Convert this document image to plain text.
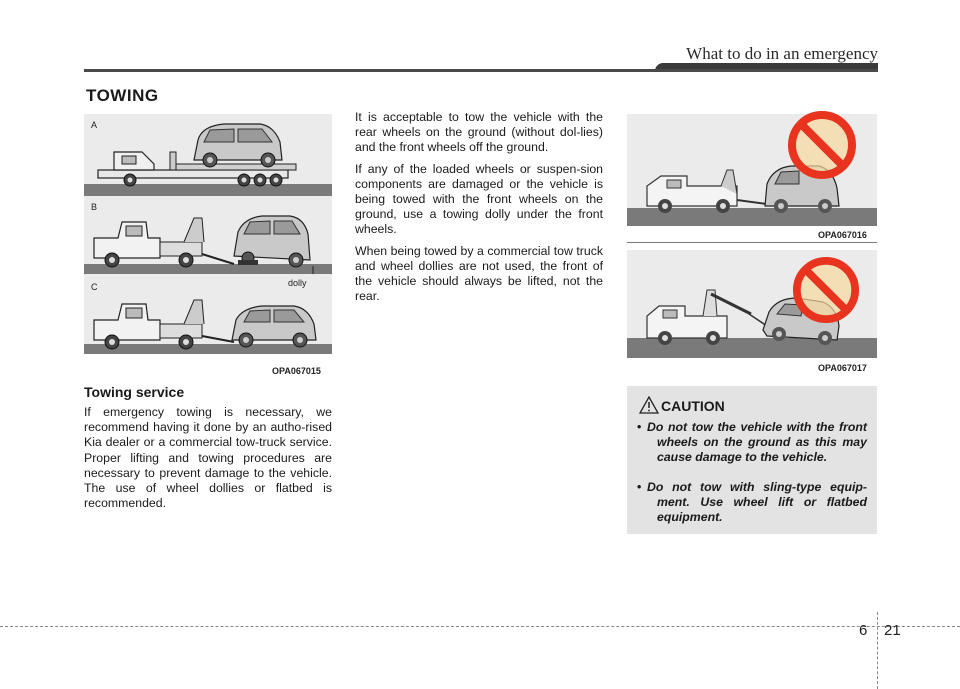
What to do in an emergency
TOWING
A
B
C	dolly
OPA067015
Towing service
If emergency towing is necessary, we recommend having it done by an autho-rised Kia dealer or a commercial tow-truck service. Proper lifting and towing procedures are necessary to prevent damage to the vehicle. The use of wheel dollies or flatbed is recommended.

It is acceptable to tow the vehicle with the rear wheels on the ground (without dol-lies) and the front wheels off the ground.

If any of the loaded wheels or suspen-sion components are damaged or the vehicle is being towed with the front wheels on the ground, use a towing dolly under the front wheels.

When being towed by a commercial tow truck and wheel dollies are not used, the front of the vehicle should always be lifted, not the rear.

OPA067016
OPA067017
CAUTION
• Do not tow the vehicle with the front wheels on the ground as this may cause damage to the vehicle.
• Do not tow with sling-type equip-ment. Use wheel lift or flatbed equipment.
6 21
